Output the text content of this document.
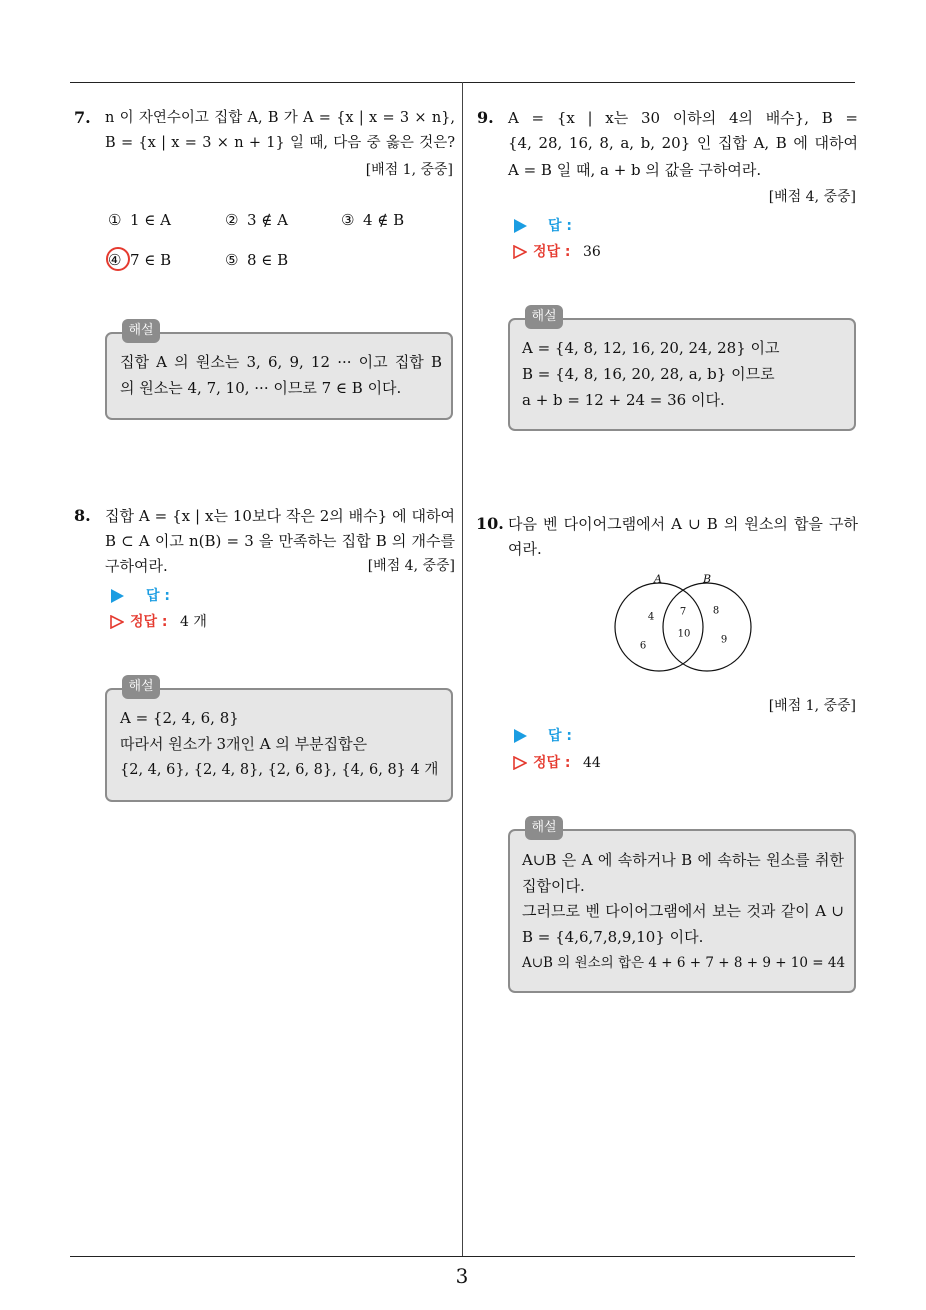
3
7. n 이 자연수이고 집합 A, B 가 A = {x | x = 3 × n},
B = {x | x = 3 × n + 1} 일 때, 다음 중 옳은 것은?
[배점 1, 중중]
① 1 ∈ A	② 3 ∉ A	③ 4 ∉ B
④ 7 ∈ B	⑤ 8 ∈ B
해설
집합 A 의 원소는 3, 6, 9, 12 ··· 이고 집합 B
의 원소는 4, 7, 10, ··· 이므로 7 ∈ B 이다.
8. 집합 A = {x | x는 10보다 작은 2의 배수} 에 대하여
B ⊂ A 이고 n(B) = 3 을 만족하는 집합 B 의 개수를
구하여라.	[배점 4, 중중]
답 :
정답 : 4 개
해설
A = {2, 4, 6, 8}
따라서 원소가 3개인 A 의 부분집합은
{2, 4, 6}, {2, 4, 8}, {2, 6, 8}, {4, 6, 8} 4 개
9. A = {x | x는 30 이하의 4의 배수}, B =
{4, 28, 16, 8, a, b, 20} 인 집합 A, B 에 대하여
A = B 일 때, a + b 의 값을 구하여라.
[배점 4, 중중]
답 :
정답 : 36
해설
A = {4, 8, 12, 16, 20, 24, 28} 이고
B = {4, 8, 16, 20, 28, a, b} 이므로
a + b = 12 + 24 = 36 이다.
10. 다음 벤 다이어그램에서 A ∪ B 의 원소의 합을 구하
여라.
A	B
4
6
7
10
8
9
[배점 1, 중중]
답 :
정답 : 44
해설
A∪B 은 A 에 속하거나 B 에 속하는 원소를 취한
집합이다.
그러므로 벤 다이어그램에서 보는 것과 같이 A ∪
B = {4,6,7,8,9,10} 이다.
A∪B 의 원소의 합은 4 + 6 + 7 + 8 + 9 + 10 = 44
